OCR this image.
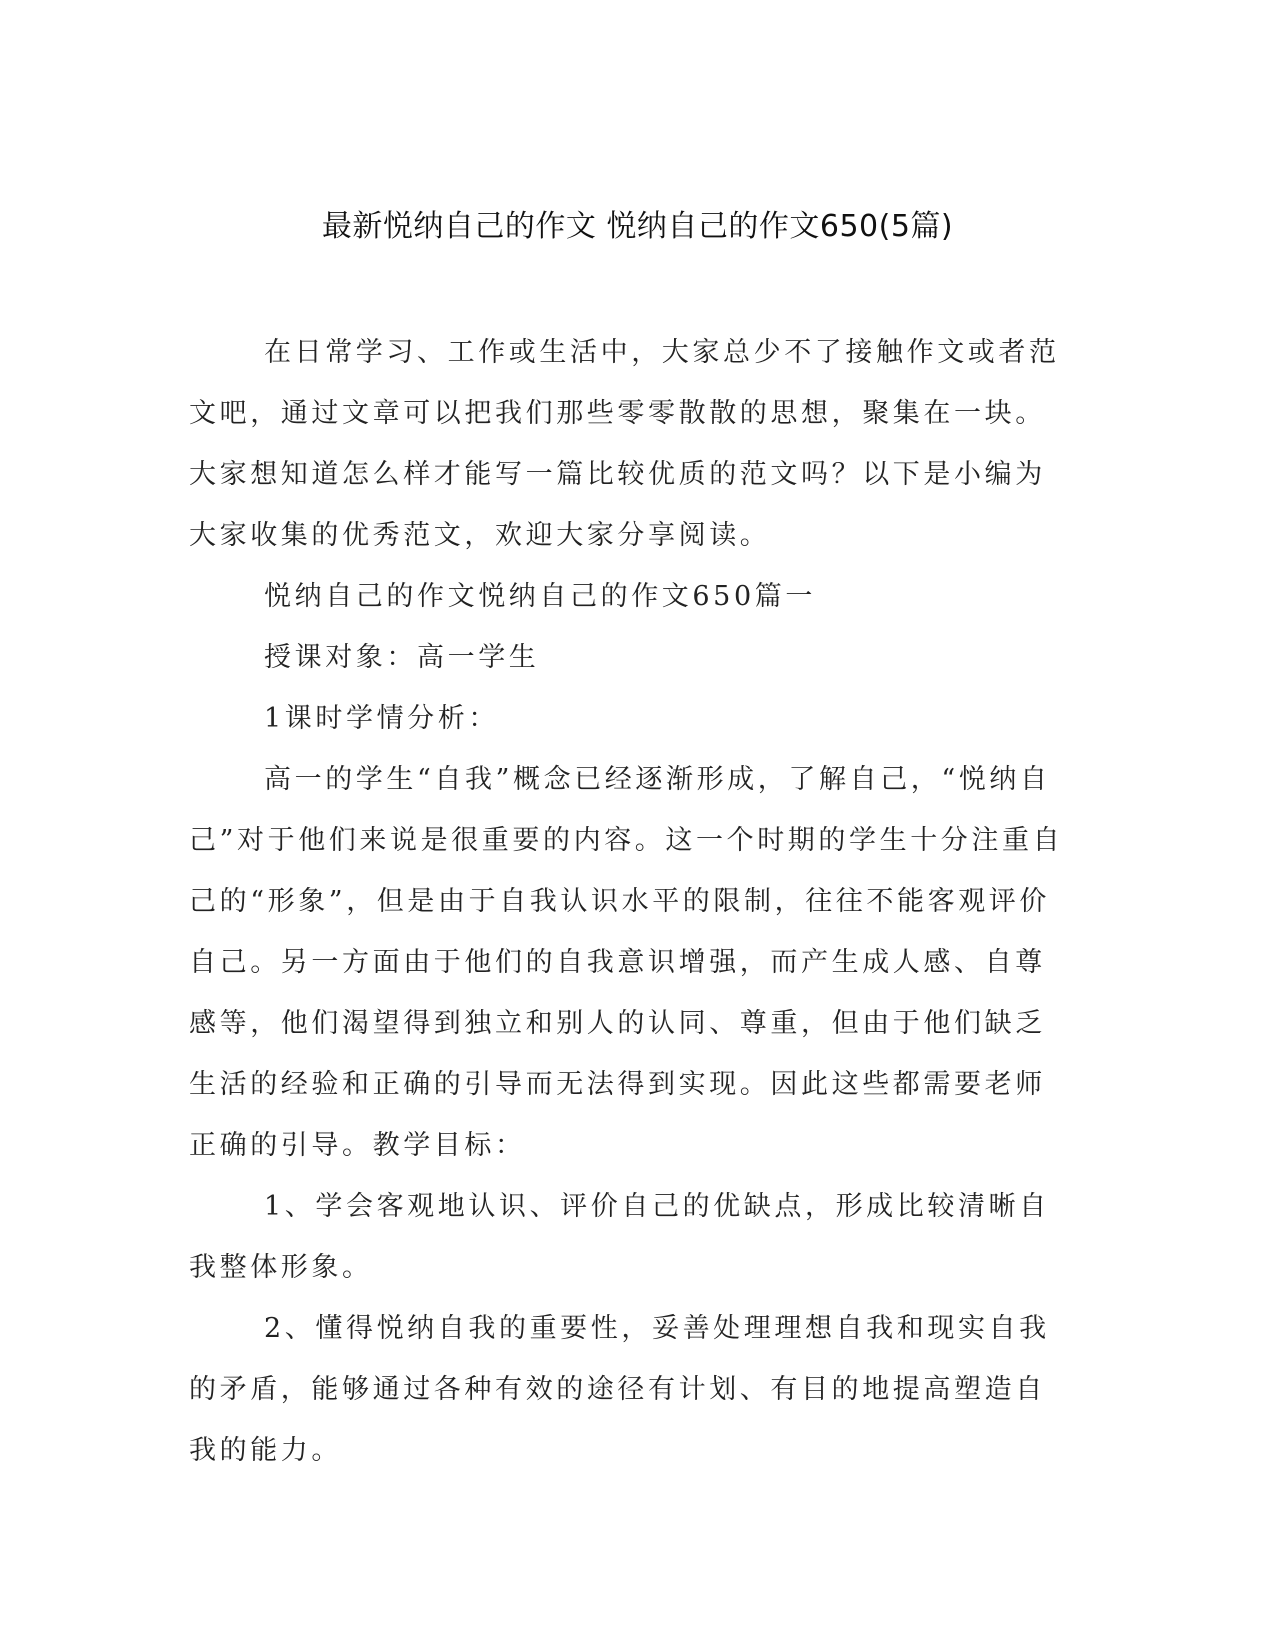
最新悦纳自己的作文 悦纳自己的作文650(5篇)

在日常学习、工作或生活中，大家总少不了接触作文或者范文吧，通过文章可以把我们那些零零散散的思想，聚集在一块。大家想知道怎么样才能写一篇比较优质的范文吗？以下是小编为大家收集的优秀范文，欢迎大家分享阅读。

悦纳自己的作文悦纳自己的作文650篇一

授课对象：高一学生

1课时学情分析：

高一的学生“自我”概念已经逐渐形成，了解自己，“悦纳自己”对于他们来说是很重要的内容。这一个时期的学生十分注重自己的“形象”，但是由于自我认识水平的限制，往往不能客观评价自己。另一方面由于他们的自我意识增强，而产生成人感、自尊感等，他们渴望得到独立和别人的认同、尊重，但由于他们缺乏生活的经验和正确的引导而无法得到实现。因此这些都需要老师正确的引导。教学目标：

1、学会客观地认识、评价自己的优缺点，形成比较清晰自我整体形象。

2、懂得悦纳自我的重要性，妥善处理理想自我和现实自我的矛盾，能够通过各种有效的途径有计划、有目的地提高塑造自我的能力。
